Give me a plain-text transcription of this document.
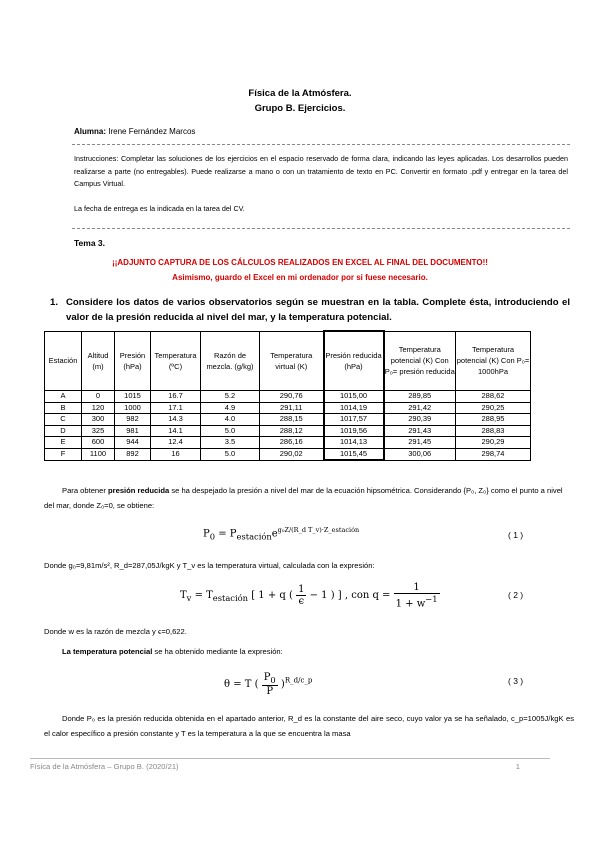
Física de la Atmósfera.
Grupo B. Ejercicios.
Alumna: Irene Fernández Marcos
Instrucciones: Completar las soluciones de los ejercicios en el espacio reservado de forma clara, indicando las leyes aplicadas. Los desarrollos pueden realizarse a parte (no entregables). Puede realizarse a mano o con un tratamiento de texto en PC. Convertir en formato .pdf y entregar en la tarea del Campus Virtual.
La fecha de entrega es la indicada en la tarea del CV.
Tema 3.
¡¡ADJUNTO CAPTURA DE LOS CÁLCULOS REALIZADOS EN EXCEL AL FINAL DEL DOCUMENTO!!
Asimismo, guardo el Excel en mi ordenador por si fuese necesario.
1. Considere los datos de varios observatorios según se muestran en la tabla. Complete ésta, introduciendo el valor de la presión reducida al nivel del mar, y la temperatura potencial.
Estación	Altitud (m)	Presión (hPa)	Temperatura (ºC)	Razón de mezcla. (g/kg)	Temperatura virtual (K)	Presión reducida (hPa)	Temperatura potencial (K) Con P₀= presión reducida	Temperatura potencial (K) Con P₀= 1000hPa
A	0	1015	16.7	5.2	290,76	1015,00	289,85	288,62
B	120	1000	17.1	4.9	291,11	1014,19	291,42	290,25
C	300	982	14.3	4.0	288,15	1017,57	290,39	288,95
D	325	981	14.1	5.0	288,12	1019,56	291,43	288,83
E	600	944	12.4	3.5	286,16	1014,13	291,45	290,29
F	1100	892	16	5.0	290,02	1015,45	300,06	298,74
Para obtener presión reducida se ha despejado la presión a nivel del mar de la ecuación hipsométrica. Considerando {P₀, Z₀} como el punto a nivel del mar, donde Z₀=0, se obtiene:
$P_0 = P_{estación}e^{g_0Z/(R\_d T\_v)\cdot Z\_estación}$	( 1 )
Donde g₀=9,81m/s², R_d=287,05J/kgK y T_v es la temperatura virtual, calculada con la expresión:
$T_v = T_{estación}$ [ 1 + q ( $\frac{1}{\epsilon} - 1$ ) ] , con $q = \frac{1}{1 + w^{-1}}$	( 2 )
Donde w es la razón de mezcla y ϵ=0,622.
La temperatura potencial se ha obtenido mediante la expresión:
θ = T ( $\frac{P_0}{P} )^{R\_d/c\_p}$	( 3 )
Donde P₀ es la presión reducida obtenida en el apartado anterior, R_d es la constante del aire seco, cuyo valor ya se ha señalado, c_p=1005J/kgK es el calor específico a presión constante y T es la temperatura a la que se encuentra la masa
Física de la Atmósfera – Grupo B. (2020/21)	1
